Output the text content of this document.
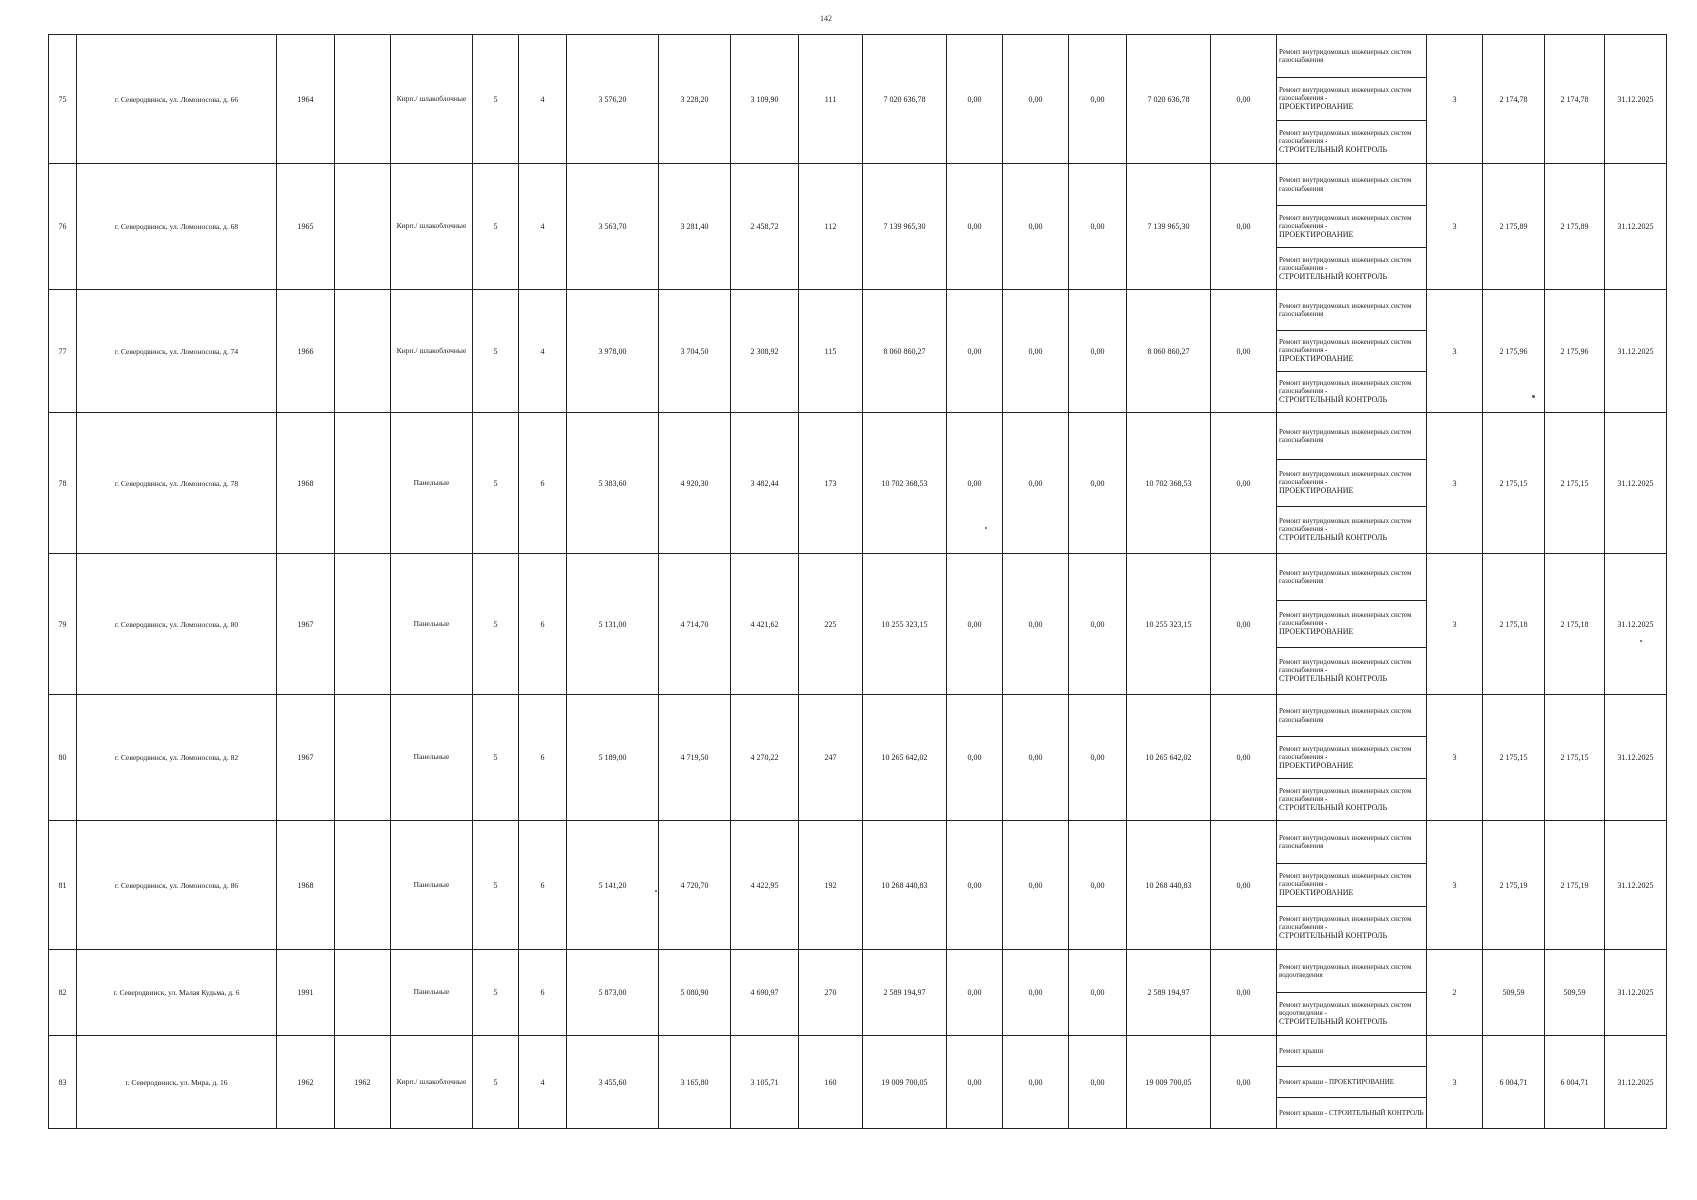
142
75	г. Северодвинск, ул. Ломоносова, д. 66	1964		Кирп./ шлакоблочные	5	4	3 576,20	3 228,20	3 109,90	111	7 020 636,78	0,00	0,00	0,00	7 020 636,78	0,00	Ремонт внутридомовых инженерных систем газоснабжения	3	2 174,78	2 174,78	31.12.2025
																	Ремонт внутридомовых инженерных систем газоснабжения -
ПРОЕКТИРОВАНИЕ				

																	Ремонт внутридомовых инженерных систем газоснабжения -
СТРОИТЕЛЬНЫЙ КОНТРОЛЬ				

76	г. Северодвинск, ул. Ломоносова, д. 68	1965		Кирп./ шлакоблочные	5	4	3 563,70	3 281,40	2 458,72	112	7 139 965,30	0,00	0,00	0,00	7 139 965,30	0,00	Ремонт внутридомовых инженерных систем газоснабжения	3	2 175,89	2 175,89	31.12.2025
																	Ремонт внутридомовых инженерных систем газоснабжения -
ПРОЕКТИРОВАНИЕ				

																	Ремонт внутридомовых инженерных систем газоснабжения -
СТРОИТЕЛЬНЫЙ КОНТРОЛЬ				

77	г. Северодвинск, ул. Ломоносова, д. 74	1966		Кирп./ шлакоблочные	5	4	3 978,00	3 704,50	2 308,92	115	8 060 860,27	0,00	0,00	0,00	8 060 860,27	0,00	Ремонт внутридомовых инженерных систем газоснабжения	3	2 175,96	2 175,96	31.12.2025
																	Ремонт внутридомовых инженерных систем газоснабжения -
ПРОЕКТИРОВАНИЕ				

																	Ремонт внутридомовых инженерных систем газоснабжения -
СТРОИТЕЛЬНЫЙ КОНТРОЛЬ				

78	г. Северодвинск, ул. Ломоносова, д. 78	1968		Панельные	5	6	5 383,60	4 920,30	3 482,44	173	10 702 368,53	0,00	0,00	0,00	10 702 368,53	0,00	Ремонт внутридомовых инженерных систем газоснабжения	3	2 175,15	2 175,15	31.12.2025
																	Ремонт внутридомовых инженерных систем газоснабжения -
ПРОЕКТИРОВАНИЕ				

																	Ремонт внутридомовых инженерных систем газоснабжения -
СТРОИТЕЛЬНЫЙ КОНТРОЛЬ				

79	г. Северодвинск, ул. Ломоносова, д. 80	1967		Панельные	5	6	5 131,00	4 714,70	4 421,62	225	10 255 323,15	0,00	0,00	0,00	10 255 323,15	0,00	Ремонт внутридомовых инженерных систем газоснабжения	3	2 175,18	2 175,18	31.12.2025
																	Ремонт внутридомовых инженерных систем газоснабжения -
ПРОЕКТИРОВАНИЕ				

																	Ремонт внутридомовых инженерных систем газоснабжения -
СТРОИТЕЛЬНЫЙ КОНТРОЛЬ				

80	г. Северодвинск, ул. Ломоносова, д. 82	1967		Панельные	5	6	5 189,00	4 719,50	4 270,22	247	10 265 642,02	0,00	0,00	0,00	10 265 642,02	0,00	Ремонт внутридомовых инженерных систем газоснабжения	3	2 175,15	2 175,15	31.12.2025
																	Ремонт внутридомовых инженерных систем газоснабжения -
ПРОЕКТИРОВАНИЕ				

																	Ремонт внутридомовых инженерных систем газоснабжения -
СТРОИТЕЛЬНЫЙ КОНТРОЛЬ				

81	г. Северодвинск, ул. Ломоносова, д. 86	1968		Панельные	5	6	5 141,20	4 720,70	4 422,95	192	10 268 440,83	0,00	0,00	0,00	10 268 440,83	0,00	Ремонт внутридомовых инженерных систем газоснабжения	3	2 175,19	2 175,19	31.12.2025
																	Ремонт внутридомовых инженерных систем газоснабжения -
ПРОЕКТИРОВАНИЕ				

																	Ремонт внутридомовых инженерных систем газоснабжения -
СТРОИТЕЛЬНЫЙ КОНТРОЛЬ				

82	г. Северодвинск, ул. Малая Кудьма, д. 6	1991		Панельные	5	6	5 873,00	5 080,90	4 690,97	270	2 589 194,97	0,00	0,00	0,00	2 589 194,97	0,00	Ремонт внутридомовых инженерных систем водоотведения	2	509,59	509,59	31.12.2025
																	Ремонт внутридомовых инженерных систем водоотведения -
СТРОИТЕЛЬНЫЙ КОНТРОЛЬ				

83	г. Северодвинск, ул. Мира, д. 16	1962	1962	Кирп./ шлакоблочные	5	4	3 455,60	3 165,80	3 105,71	160	19 009 700,05	0,00	0,00	0,00	19 009 700,05	0,00	Ремонт крыши	3	6 004,71	6 004,71	31.12.2025
																	Ремонт крыши - ПРОЕКТИРОВАНИЕ				
																	Ремонт крыши - СТРОИТЕЛЬНЫЙ КОНТРОЛЬ				
